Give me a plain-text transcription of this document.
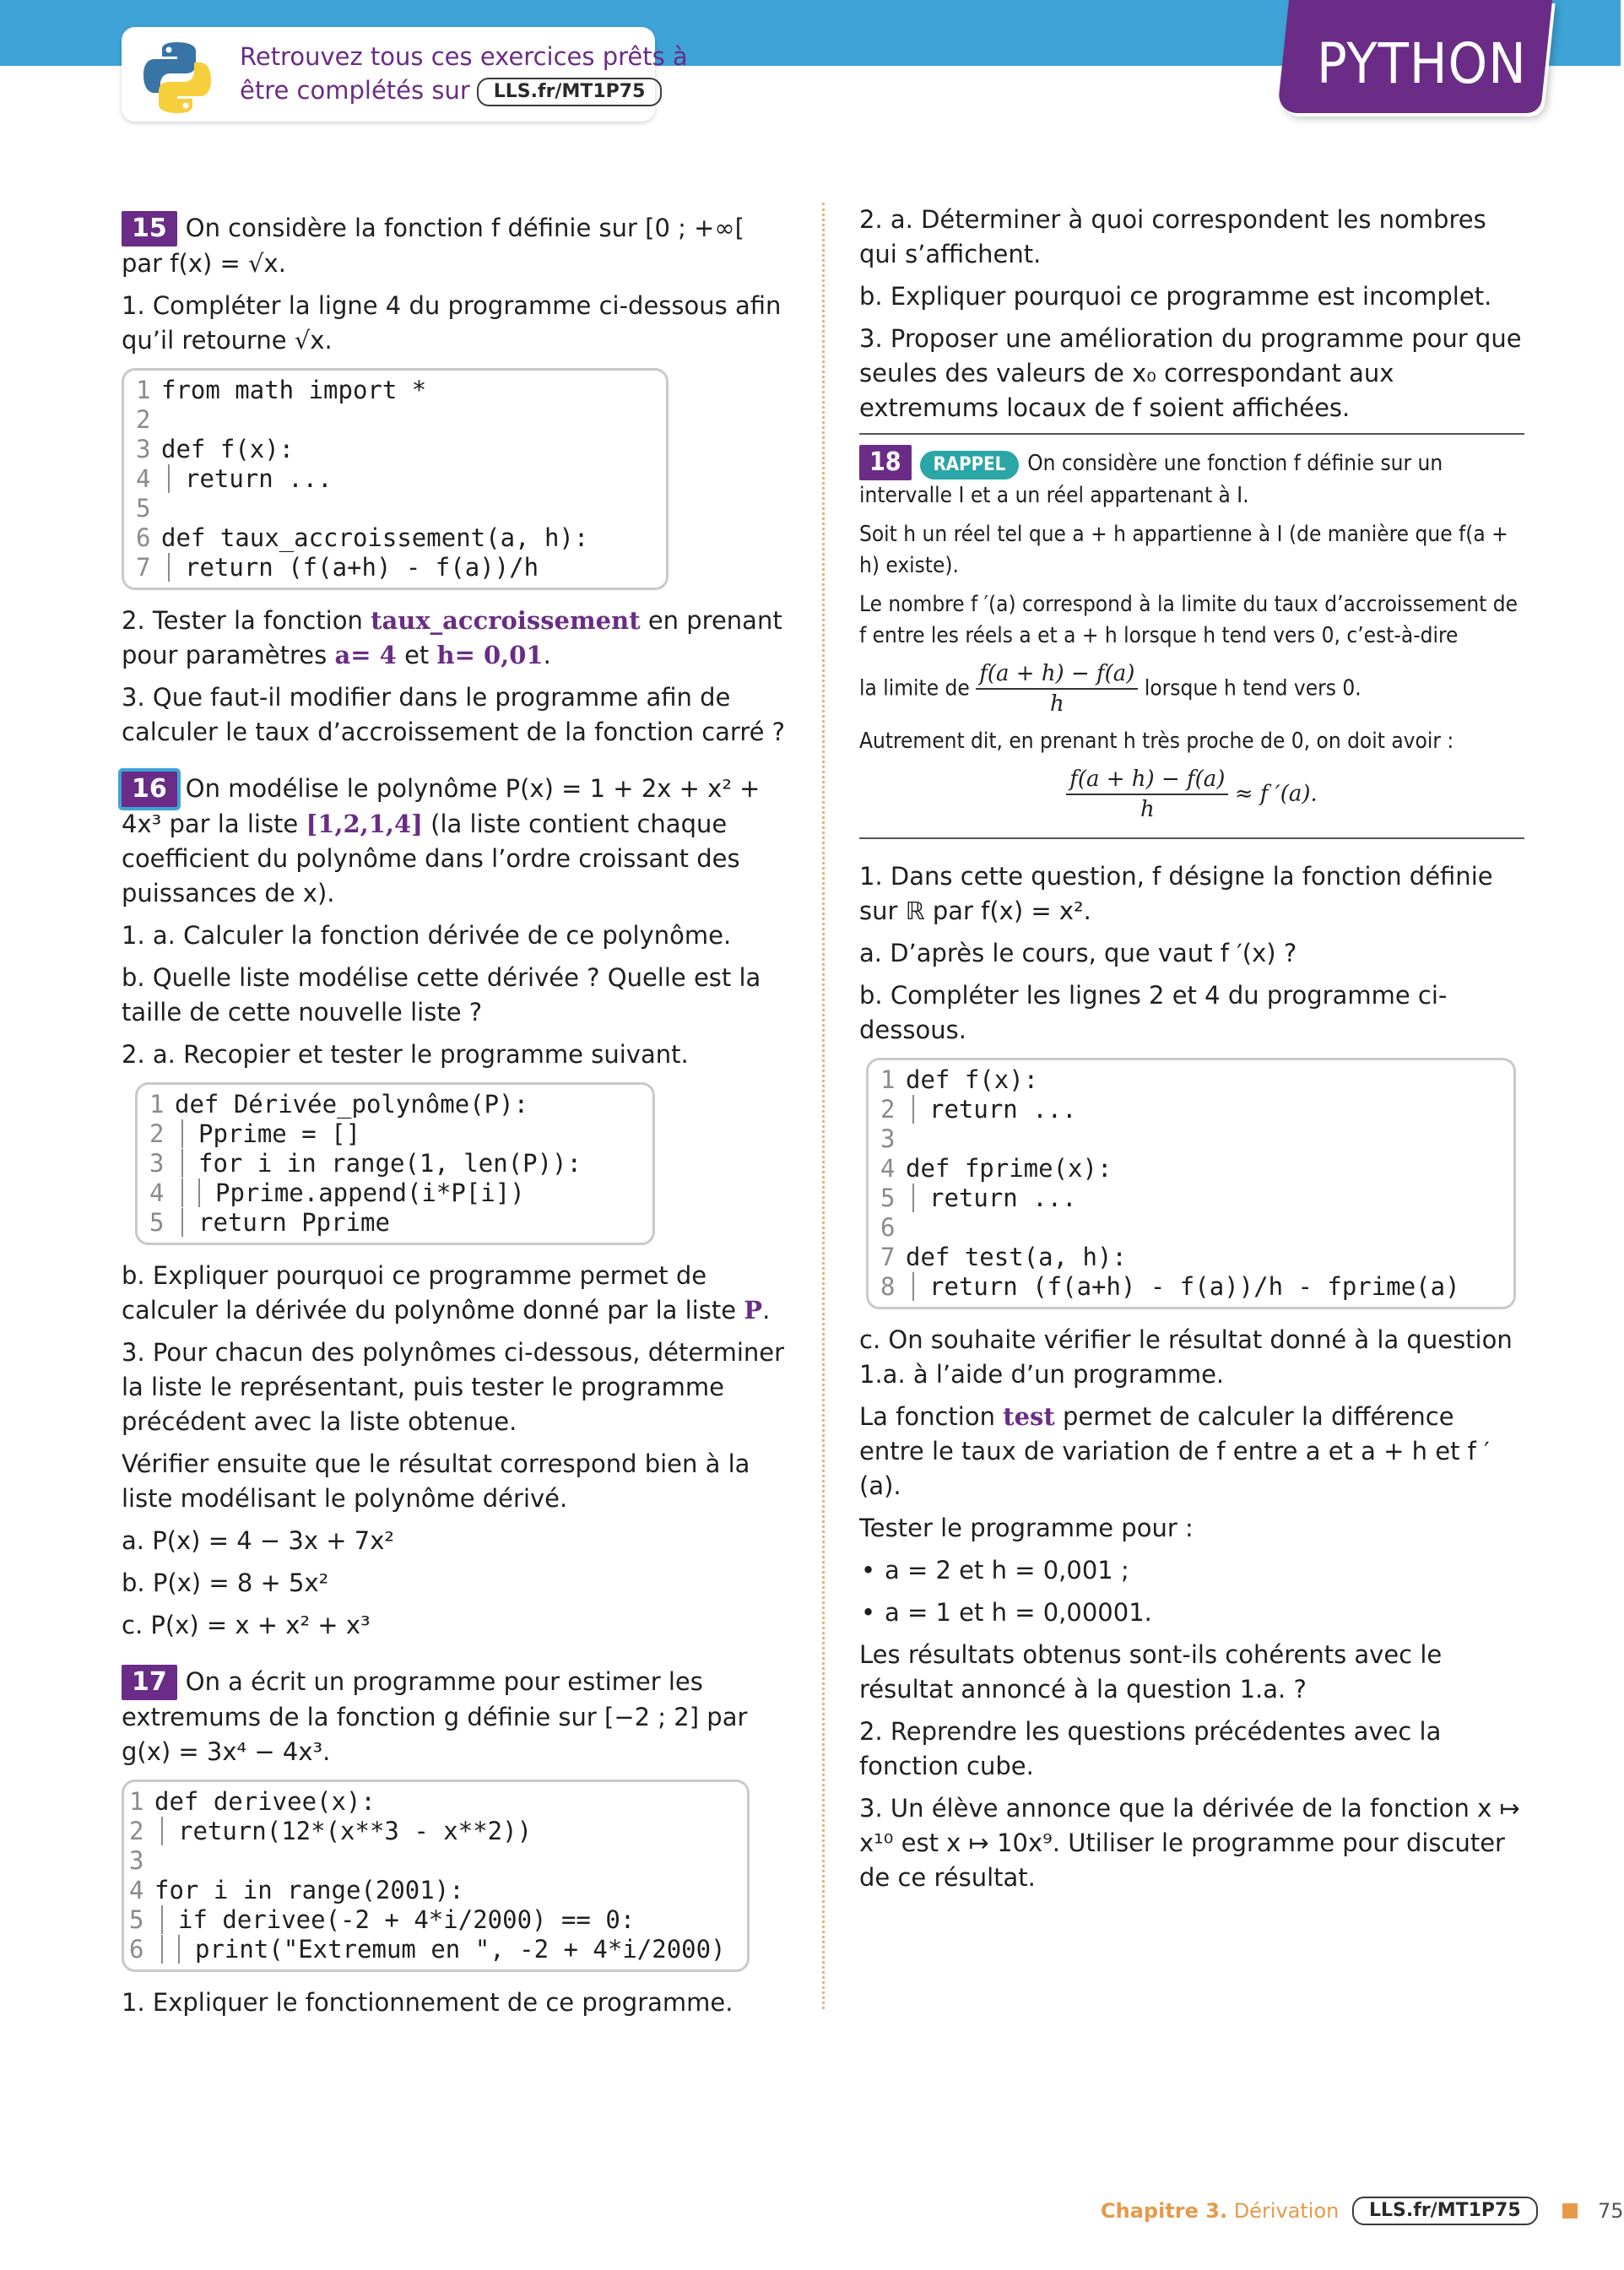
Retrouvez tous ces exercices prêts à
être complétés sur LLS.fr/MT1P75	PYTHON

15 On considère la fonction f définie sur [0 ; +∞[ par f(x) = √x.

1. Compléter la ligne 4 du programme ci-dessous afin qu’il retourne √x.

1 from math import *
2
3 def f(x):
4 return ...
5
6 def taux_accroissement(a, h):
7 return (f(a+h) - f(a))/h

2. Tester la fonction taux_accroissement en prenant pour paramètres a= 4 et h= 0,01.

3. Que faut-il modifier dans le programme afin de calculer le taux d’accroissement de la fonction carré ?

16 On modélise le polynôme P(x) = 1 + 2x + x² + 4x³ par la liste [1,2,1,4] (la liste contient chaque coefficient du polynôme dans l’ordre croissant des puissances de x).

1. a. Calculer la fonction dérivée de ce polynôme.

b. Quelle liste modélise cette dérivée ? Quelle est la taille de cette nouvelle liste ?

2. a. Recopier et tester le programme suivant.

1 def Dérivée_polynôme(P):
2 Pprime = []
3 for i in range(1, len(P)):
4 Pprime.append(i*P[i])
5 return Pprime

b. Expliquer pourquoi ce programme permet de calculer la dérivée du polynôme donné par la liste P.

3. Pour chacun des polynômes ci-dessous, déterminer la liste le représentant, puis tester le programme précédent avec la liste obtenue.

Vérifier ensuite que le résultat correspond bien à la liste modélisant le polynôme dérivé.

a. P(x) = 4 − 3x + 7x²

b. P(x) = 8 + 5x²

c. P(x) = x + x² + x³

17 On a écrit un programme pour estimer les extremums de la fonction g définie sur [−2 ; 2] par g(x) = 3x⁴ − 4x³.

1 def derivee(x):
2 return(12*(x**3 - x**2))
3
4 for i in range(2001):
5 if derivee(-2 + 4*i/2000) == 0:
6 print("Extremum en ", -2 + 4*i/2000)

1. Expliquer le fonctionnement de ce programme.

2. a. Déterminer à quoi correspondent les nombres qui s’affichent.

b. Expliquer pourquoi ce programme est incomplet.

3. Proposer une amélioration du programme pour que seules des valeurs de x₀ correspondant aux extremums locaux de f soient affichées.

18 RAPPEL On considère une fonction f définie sur un intervalle I et a un réel appartenant à I.

Soit h un réel tel que a + h appartienne à I (de manière que f(a + h) existe).

Le nombre f ′(a) correspond à la limite du taux d’accroissement de f entre les réels a et a + h lorsque h tend vers 0, c’est-à-dire

la limite de $\frac{f(a + h) - f(a)}{h}$ lorsque h tend vers 0.

Autrement dit, en prenant h très proche de 0, on doit avoir :

$\frac{f(a + h) - f(a)}{h} \approx f$ ′(a).

1. Dans cette question, f désigne la fonction définie sur ℝ par f(x) = x².

a. D’après le cours, que vaut f ′(x) ?

b. Compléter les lignes 2 et 4 du programme ci-dessous.

1 def f(x):
2 return ...
3
4 def fprime(x):
5 return ...
6
7 def test(a, h):
8 return (f(a+h) - f(a))/h - fprime(a)

c. On souhaite vérifier le résultat donné à la question 1.a. à l’aide d’un programme.

La fonction test permet de calculer la différence entre le taux de variation de f entre a et a + h et f ′(a).

Tester le programme pour :

• a = 2 et h = 0,001 ;

• a = 1 et h = 0,00001.

Les résultats obtenus sont-ils cohérents avec le résultat annoncé à la question 1.a. ?

2. Reprendre les questions précédentes avec la fonction cube.

3. Un élève annonce que la dérivée de la fonction x ↦ x¹⁰ est x ↦ 10x⁹. Utiliser le programme pour discuter de ce résultat.

Chapitre 3. Dérivation LLS.fr/MT1P75	75
